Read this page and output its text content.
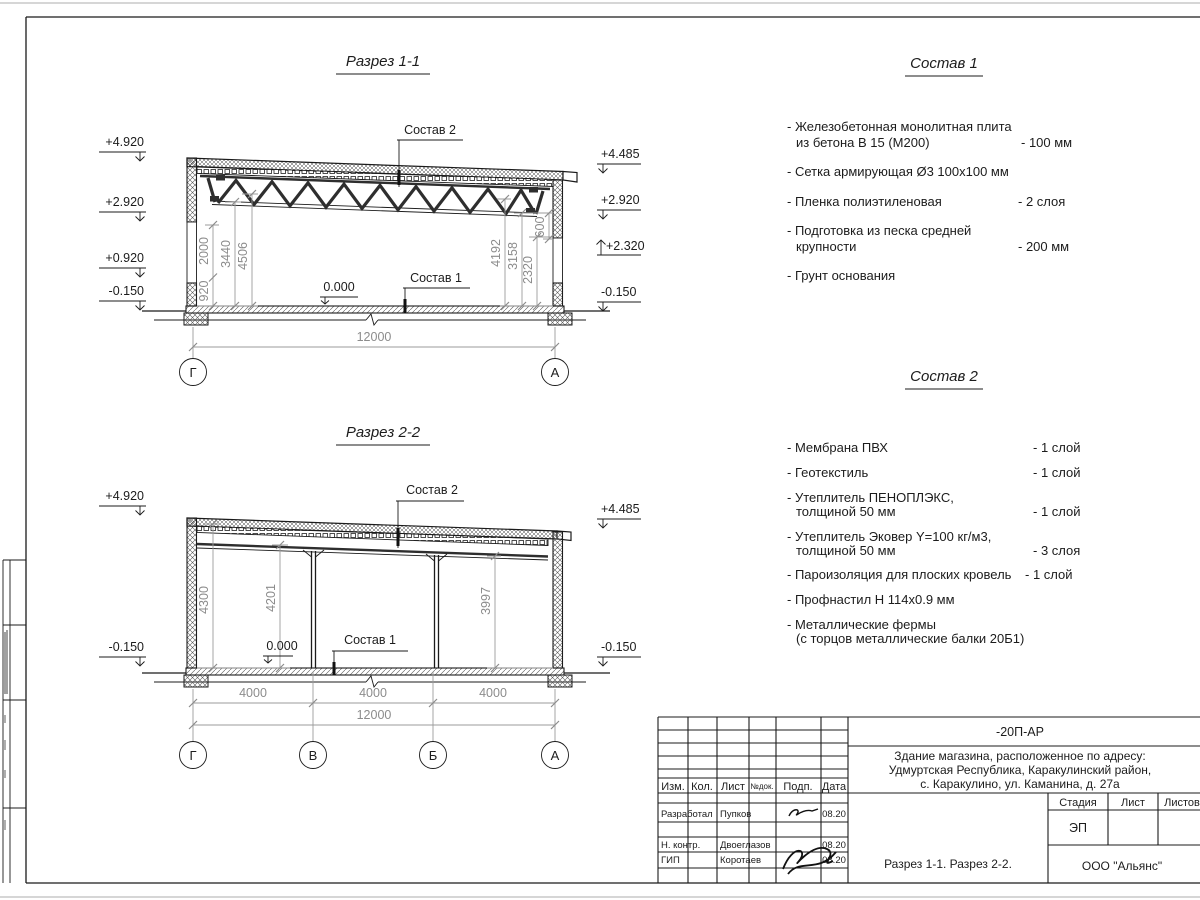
Разрез 1-1
+4.920
+2.920
+0.920
-0.150
+4.485
+2.920
+2.320
-0.150
920
2000 3440 4506	4192 3158
2320
600
Состав 2
Состав 1
0.000
12000
Г	А
Разрез 2-2
+4.920
-0.150
+4.485
-0.150
4300	4201	3997
Состав 2
Состав 1
0.000
4000	4000	4000
12000
Г	В	Б	А
Состав 1
- Железобетонная монолитная плита
из бетона В 15 (М200)	- 100 мм
- Сетка армирующая Ø3 100х100 мм
- Пленка полиэтиленовая	- 2 слоя
- Подготовка из песка средней
крупности	- 200 мм
- Грунт основания
Состав 2
- Мембрана ПВХ	- 1 слой
- Геотекстиль	- 1 слой
- Утеплитель ПЕНОПЛЭКС,
толщиной 50 мм	- 1 слой
- Утеплитель Эковер Y=100 кг/м3,
толщиной 50 мм	- 3 слоя
- Пароизоляция для плоских кровель - 1 слой
- Профнастил Н 114х0.9 мм
- Металлические фермы
(с торцов металлические балки 20Б1)
Изм. Кол. Лист №док. Подп. Дата
Разработал Пупков	08.20
Н. контр. Двоеглазов	08.20
ГИП	Коротаев	08.20
-20П-АР
Здание магазина, расположенное по адресу:
Удмуртская Республика, Каракулинский район,
с. Каракулино, ул. Каманина, д. 27а
Стадия Лист Листов
ЭП
Разрез 1-1. Разрез 2-2.	ООО "Альянс"
